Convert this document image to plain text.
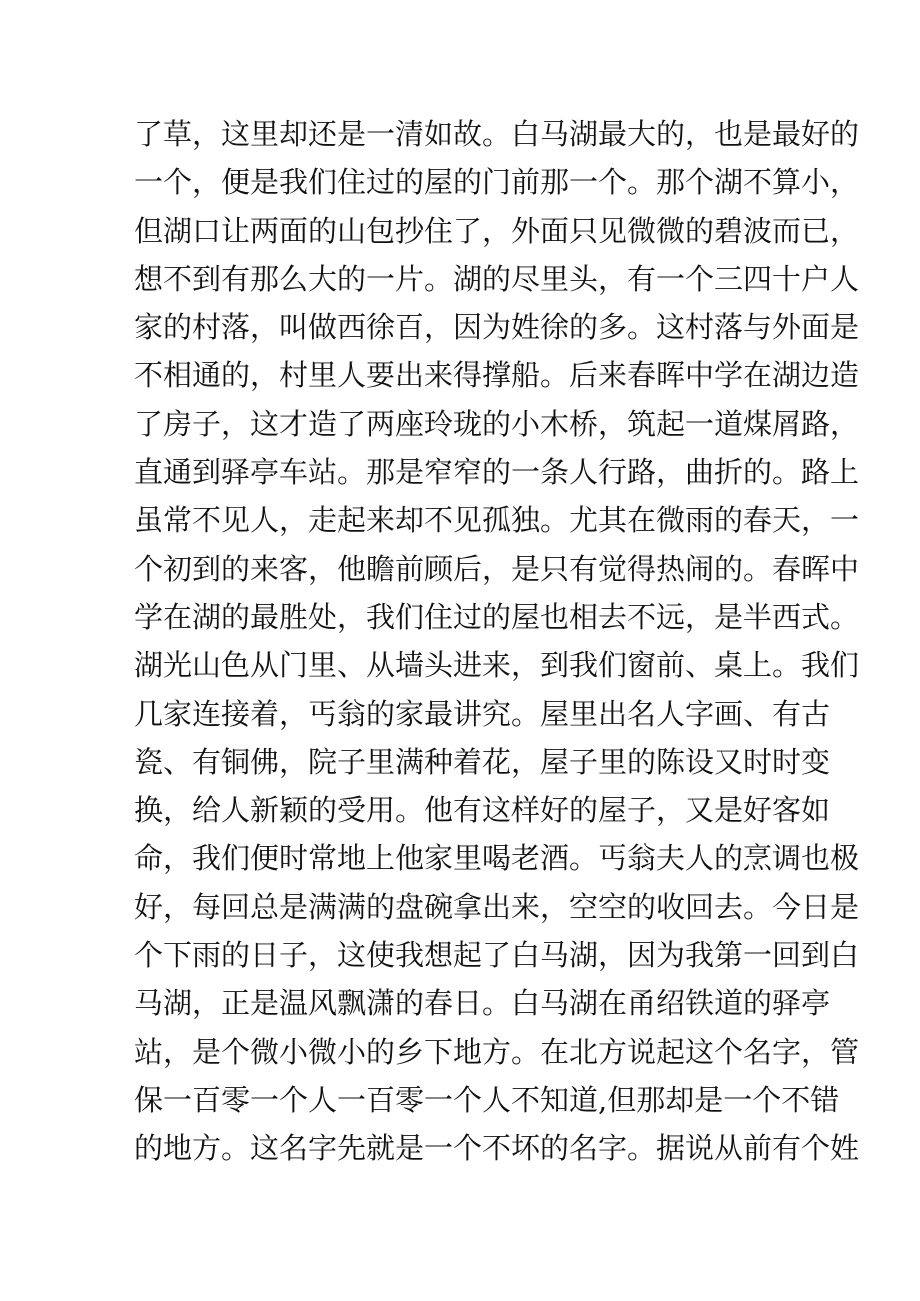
了草，这里却还是一清如故。白马湖最大的，也是最好的
一个，便是我们住过的屋的门前那一个。那个湖不算小，
但湖口让两面的山包抄住了，外面只见微微的碧波而已，
想不到有那么大的一片。湖的尽里头，有一个三四十户人
家的村落，叫做西徐百，因为姓徐的多。这村落与外面是
不相通的，村里人要出来得撑船。后来春晖中学在湖边造
了房子，这才造了两座玲珑的小木桥，筑起一道煤屑路，
直通到驿亭车站。那是窄窄的一条人行路，曲折的。路上
虽常不见人，走起来却不见孤独。尤其在微雨的春天，一
个初到的来客，他瞻前顾后，是只有觉得热闹的。春晖中
学在湖的最胜处，我们住过的屋也相去不远，是半西式。
湖光山色从门里、从墙头进来，到我们窗前、桌上。我们
几家连接着，丐翁的家最讲究。屋里出名人字画、有古
瓷、有铜佛，院子里满种着花，屋子里的陈设又时时变
换，给人新颖的受用。他有这样好的屋子，又是好客如
命，我们便时常地上他家里喝老酒。丐翁夫人的烹调也极
好，每回总是满满的盘碗拿出来，空空的收回去。今日是
个下雨的日子，这使我想起了白马湖，因为我第一回到白
马湖，正是温风飘潇的春日。白马湖在甬绍铁道的驿亭
站，是个微小微小的乡下地方。在北方说起这个名字，管
保一百零一个人一百零一个人不知道,但那却是一个不错
的地方。这名字先就是一个不坏的名字。据说从前有个姓
